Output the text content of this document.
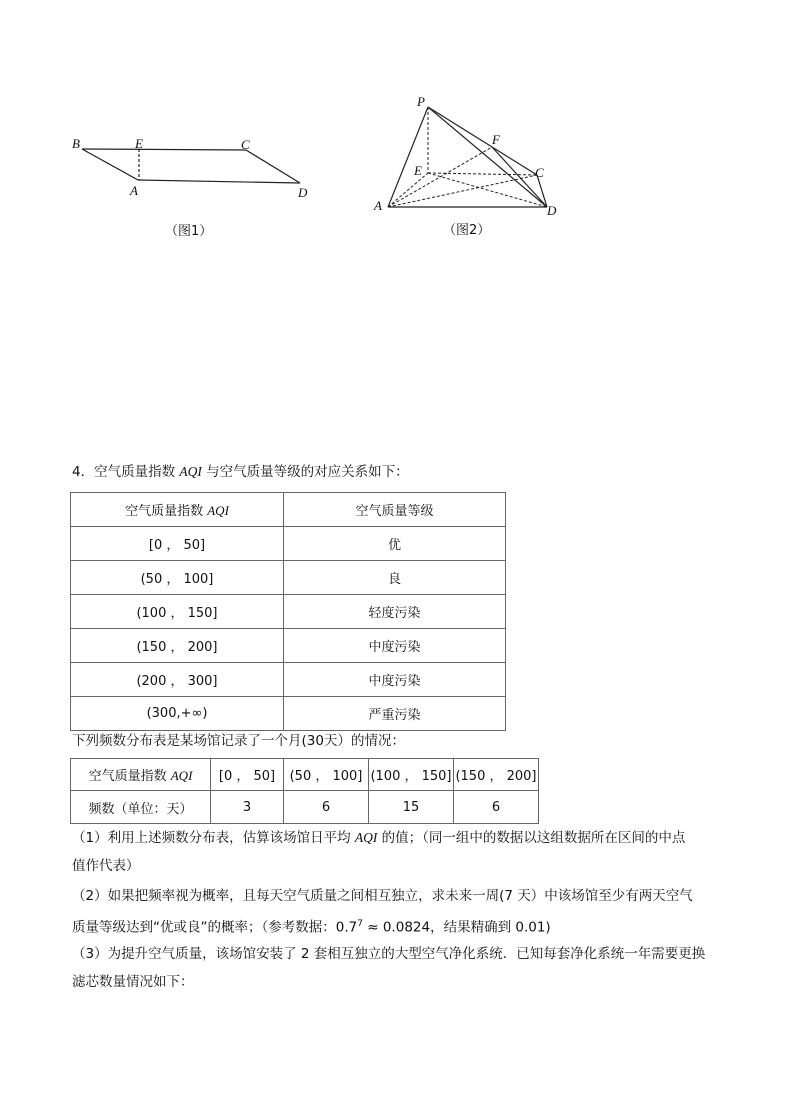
B	E	C
A	D
（图1）
P
F
E	C
A	D
（图2）
4．空气质量指数 AQI 与空气质量等级的对应关系如下：
空气质量指数 AQI	空气质量等级
[0 ， 50]	优
(50 ， 100]	良
(100 ， 150]	轻度污染
(150 ， 200]	中度污染
(200 ， 300]	中度污染
(300,+∞)	严重污染
下列频数分布表是某场馆记录了一个月(30天）的情况：
空气质量指数 AQI	[0 ， 50]	(50 ， 100]	(100 ， 150]	(150 ， 200]
频数（单位：天）	3	6	15	6
（1）利用上述频数分布表，估算该场馆日平均 AQI 的值；（同一组中的数据以这组数据所在区间的中点
值作代表）
（2）如果把频率视为概率，且每天空气质量之间相互独立，求未来一周(7 天）中该场馆至少有两天空气
质量等级达到“优或良”的概率；（参考数据：$0.7^7 \approx 0.0824$，结果精确到 0.01)
（3）为提升空气质量，该场馆安装了 2 套相互独立的大型空气净化系统．已知每套净化系统一年需要更换
滤芯数量情况如下：
